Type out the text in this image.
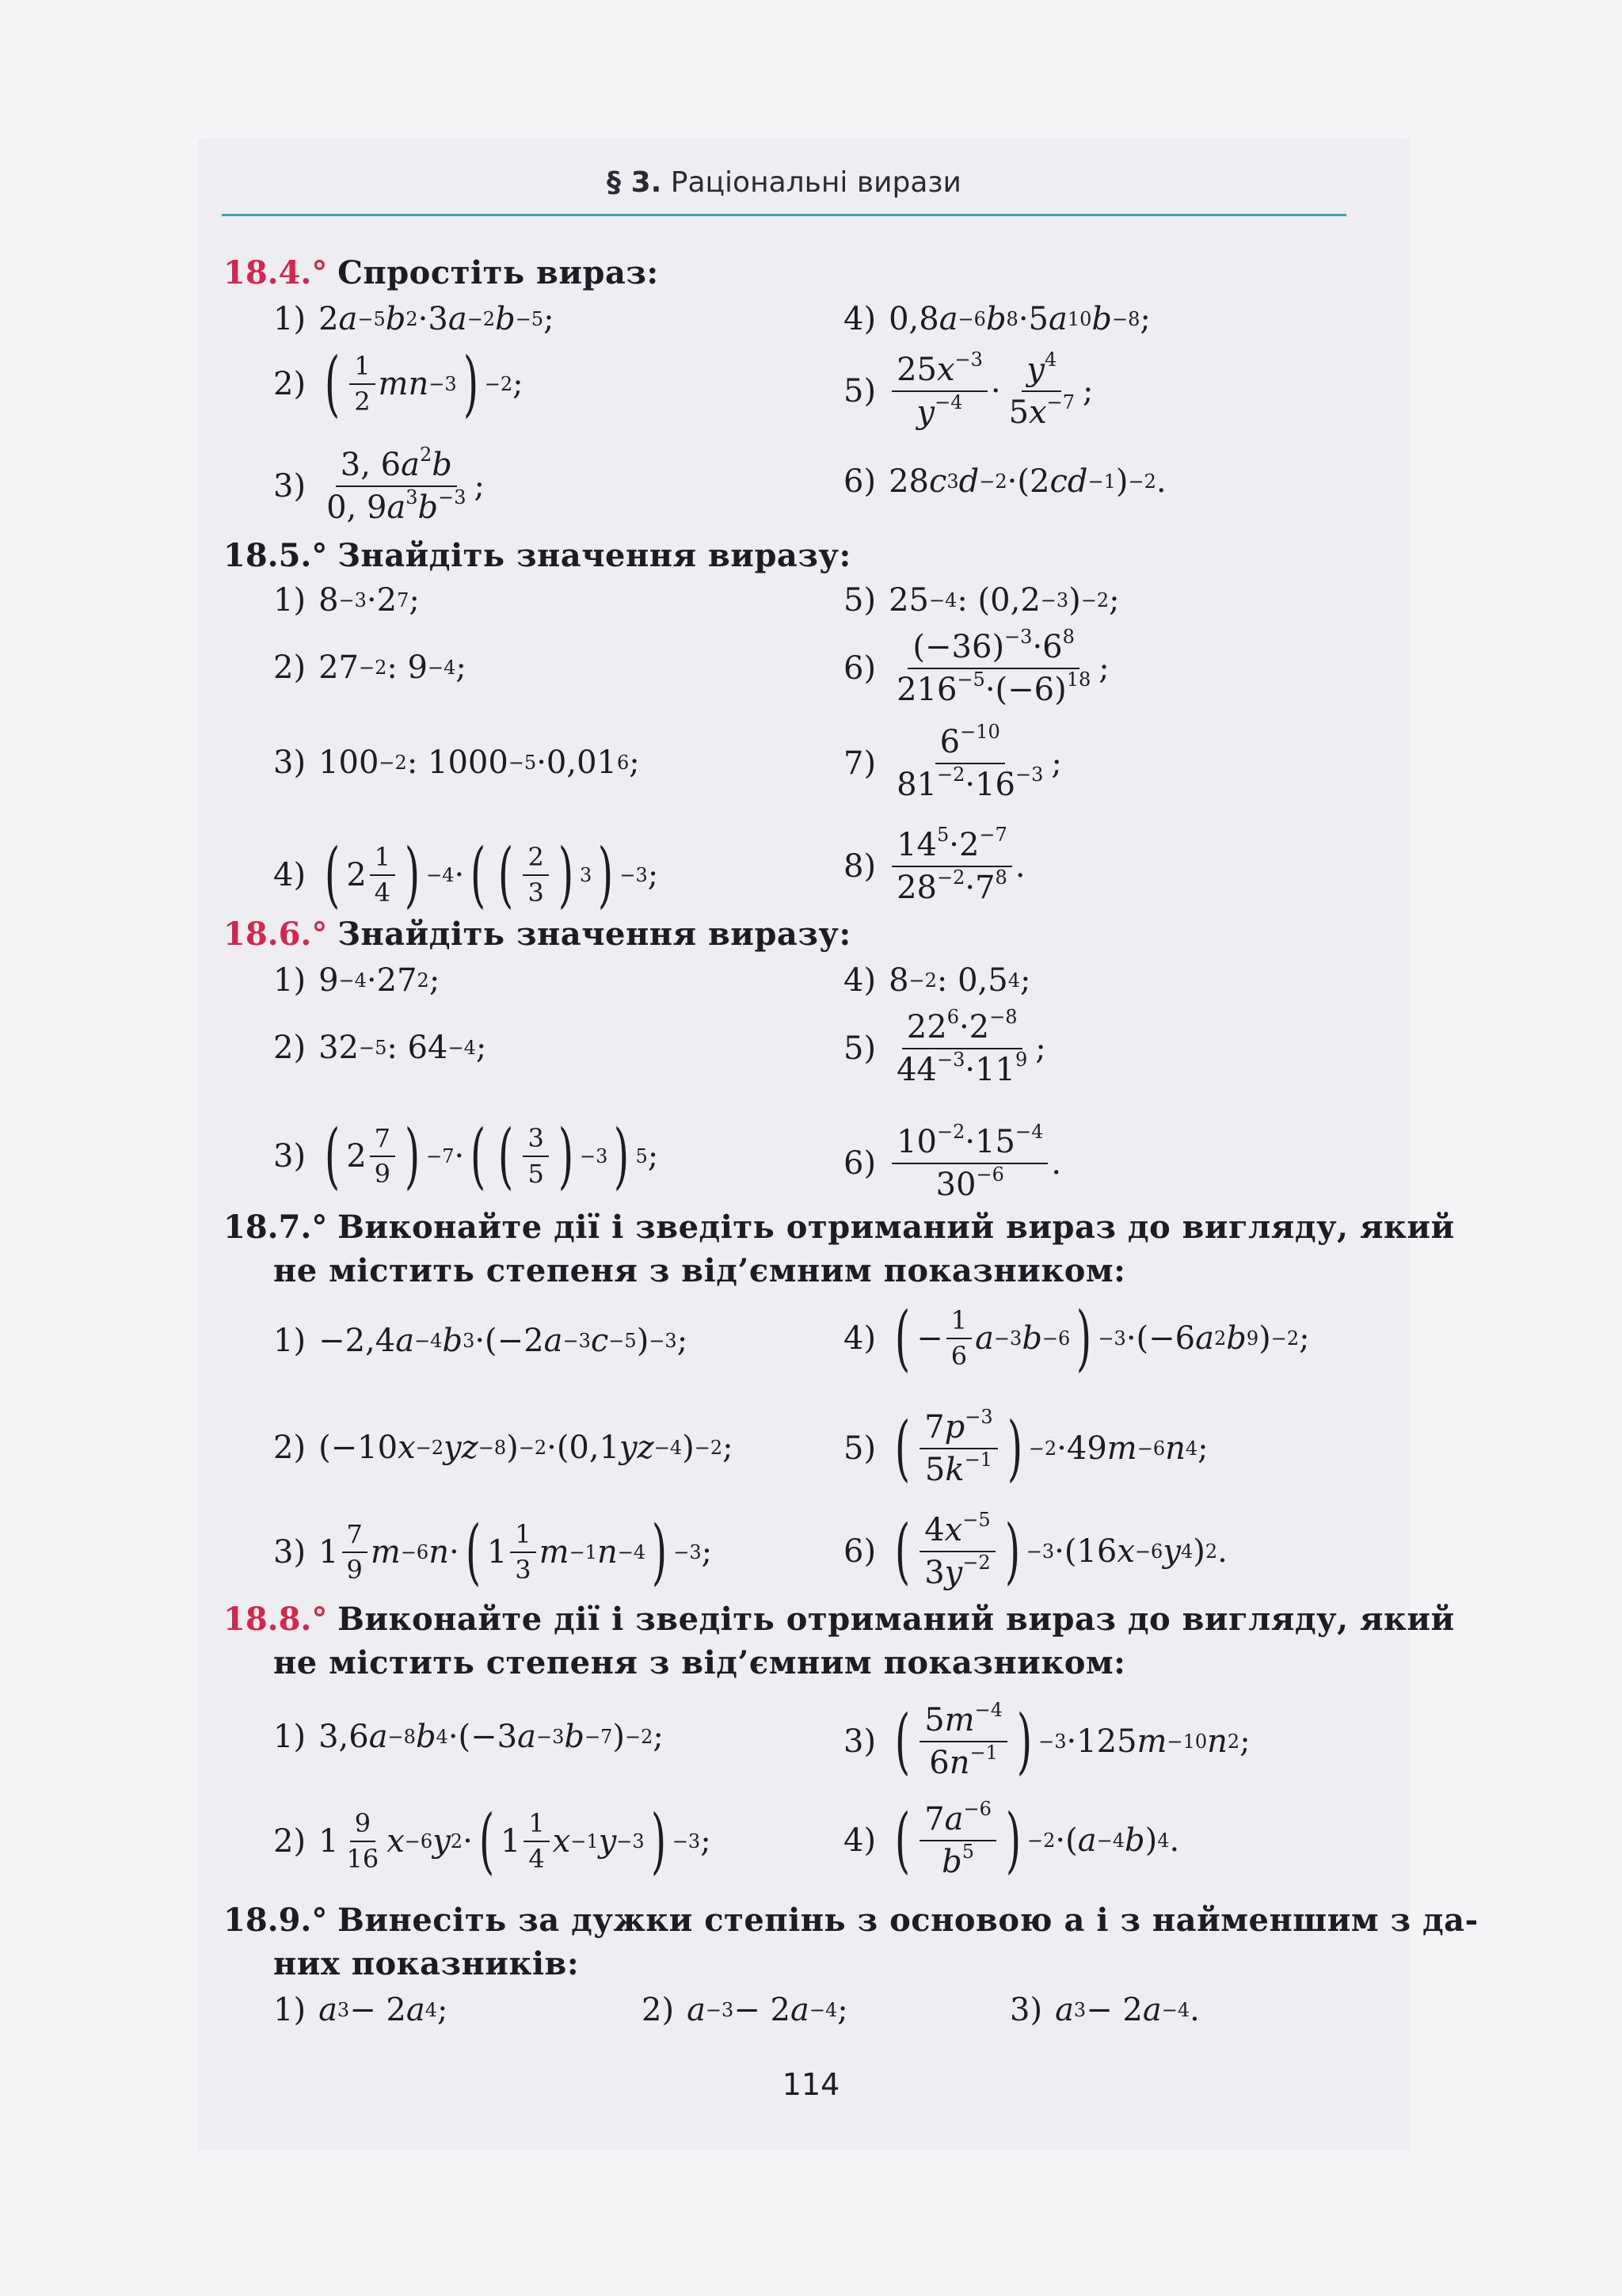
§ 3. Раціональні вирази
18.4.° Спростіть вираз:
1) 2 a −5 b 2 ·3 a −2 b −5 ;	4) 0,8 a −6 b 8 ·5 a 10 b −8 ;
2) ( $\frac{1}{2}$ mn −3 ) −2 ;	$5) \frac{25x^{-3}}{y^{-4}} \cdot \frac{y^4}{5x^{-7}}$ ;
$3) \frac{3, 6a^2b}{0, 9a^3b^{-3}}$ ;	6) 28 c 3 d −2 ·(2 cd −1 ) −2 .
18.5.° Знайдіть значення виразу:
1) 8 −3 ·2 7 ;	5) 25 −4 : (0,2 −3 ) −2 ;
2) 27 −2 : 9 −4 ;	$6) \frac{(-36)^{-3}\cdot 6^8}{216^{-5}\cdot(-6)^{18}}$ ;
3) 100 −2 : 1000 −5 ·0,01 6 ;	$7) \frac{6^{-10}}{81^{-2}\cdot 16^{-3}}$ ;
4) ( $2 \frac{1}{4}$ ) −4 · ( ( $\frac{2}{3}$ ) 3 ) −3 ;	$8) \frac{14^5\cdot 2^{-7}}{28^{-2}\cdot 7^8}$ .
18.6.° Знайдіть значення виразу:
1) 9 −4 ·27 2 ;	4) 8 −2 : 0,5 4 ;
2) 32 −5 : 64 −4 ;	$5) \frac{22^6\cdot 2^{-8}}{44^{-3}\cdot 11^9}$ ;
3) ( $2 \frac{7}{9}$ ) −7 · ( ( $\frac{3}{5}$ ) −3 ) 5 ;	$6) \frac{10^{-2}\cdot 15^{-4}}{30^{-6}}$ .
18.7.° Виконайте дії і зведіть отриманий вираз до вигляду, який
не містить степеня з від’ємним показником:
1) −2,4 a −4 b 3 ·(−2 a −3 c −5 ) −3 ;	4) ( − $\frac{1}{6}$ a −3 b −6 ) −3 ·(−6 a 2 b 9 ) −2 ;
2) (−10 x −2 yz −8 ) −2 ·(0,1 yz −4 ) −2 ;	5) ( $\frac{7p^{-3}}{5k^{-1}}$ ) −2 ·49 m −6 n 4 ;
3) $1 \frac{7}{9}$ m −6 n · ( $1 \frac{1}{3}$ m −1 n −4 ) −3 ;	6) ( $\frac{4x^{-5}}{3y^{-2}}$ ) −3 ·(16 x −6 y 4 ) 2 .
18.8.° Виконайте дії і зведіть отриманий вираз до вигляду, який
не містить степеня з від’ємним показником:
1) 3,6 a −8 b 4 ·(−3 a −3 b −7 ) −2 ;	3) ( $\frac{5m^{-4}}{6n^{-1}}$ ) −3 ·125 m −10 n 2 ;
2) $1 \frac{9}{16}$ x −6 y 2 · ( $1 \frac{1}{4}$ x −1 y −3 ) −3 ;	4) ( $\frac{7a^{-6}}{b^5}$ ) −2 ·( a −4 b ) 4 .
18.9.° Винесіть за дужки степінь з основою a і з найменшим з да-
них показників:
1) a 3 − 2 a 4 ;	2) a −3 − 2 a −4 ;	3) a 3 − 2 a −4 .
114
